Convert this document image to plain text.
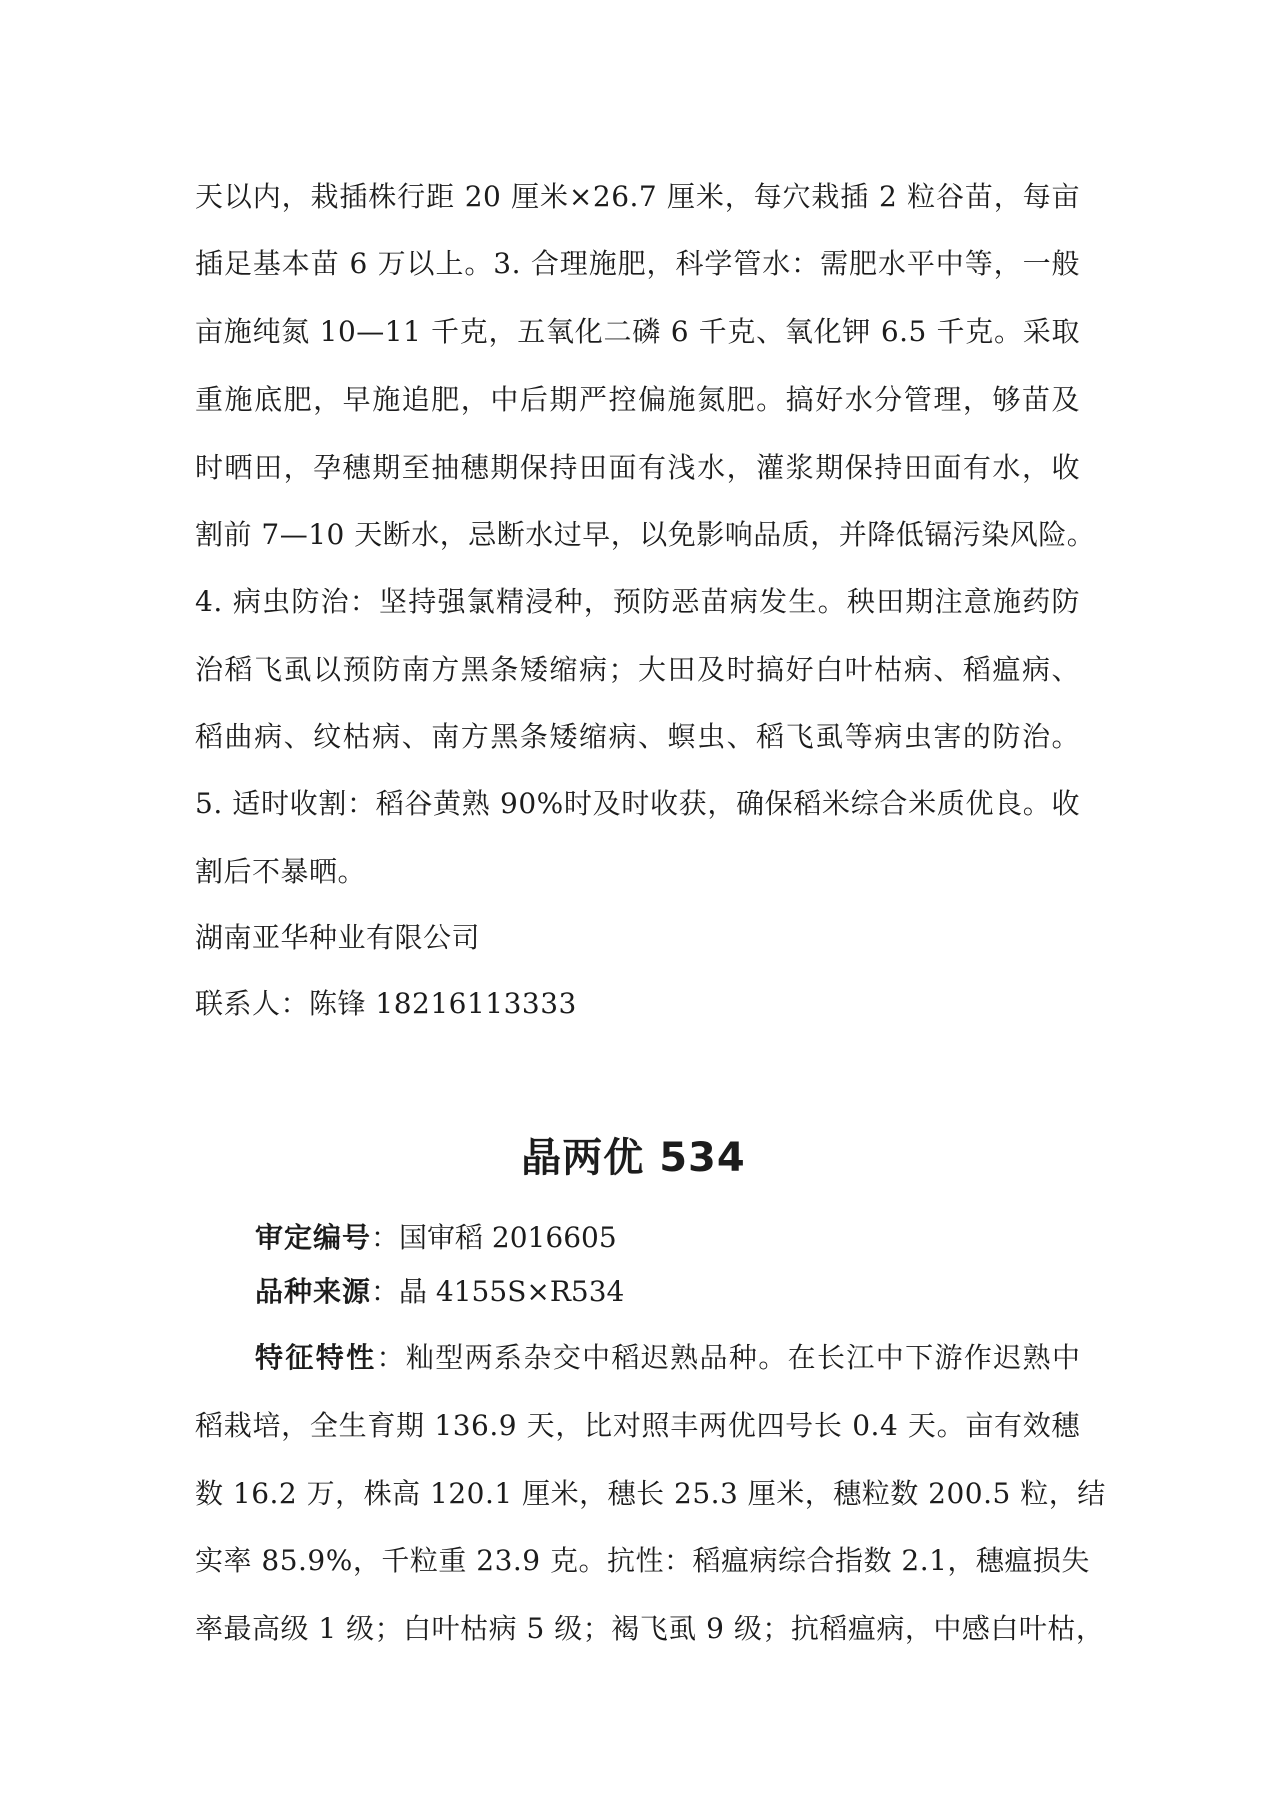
天以内，栽插株行距 20 厘米×26.7 厘米，每穴栽插 2 粒谷苗，每亩
插足基本苗 6 万以上。3. 合理施肥，科学管水：需肥水平中等，一般
亩施纯氮 10—11 千克，五氧化二磷 6 千克、氧化钾 6.5 千克。采取
重施底肥，早施追肥，中后期严控偏施氮肥。搞好水分管理，够苗及
时晒田，孕穗期至抽穗期保持田面有浅水，灌浆期保持田面有水，收
割前 7—10 天断水，忌断水过早，以免影响品质，并降低镉污染风险。
4. 病虫防治：坚持强氯精浸种，预防恶苗病发生。秧田期注意施药防
治稻飞虱以预防南方黑条矮缩病；大田及时搞好白叶枯病、稻瘟病、
稻曲病、纹枯病、南方黑条矮缩病、螟虫、稻飞虱等病虫害的防治。
5. 适时收割：稻谷黄熟 90%时及时收获，确保稻米综合米质优良。收
割后不暴晒。
湖南亚华种业有限公司
联系人：陈锋 18216113333
晶两优 534
审定编号：国审稻 2016605
品种来源：晶 4155S×R534
特征特性：籼型两系杂交中稻迟熟品种。在长江中下游作迟熟中
稻栽培，全生育期 136.9 天，比对照丰两优四号长 0.4 天。亩有效穗
数 16.2 万，株高 120.1 厘米，穗长 25.3 厘米，穗粒数 200.5 粒，结
实率 85.9%，千粒重 23.9 克。抗性：稻瘟病综合指数 2.1，穗瘟损失
率最高级 1 级；白叶枯病 5 级；褐飞虱 9 级；抗稻瘟病，中感白叶枯，
